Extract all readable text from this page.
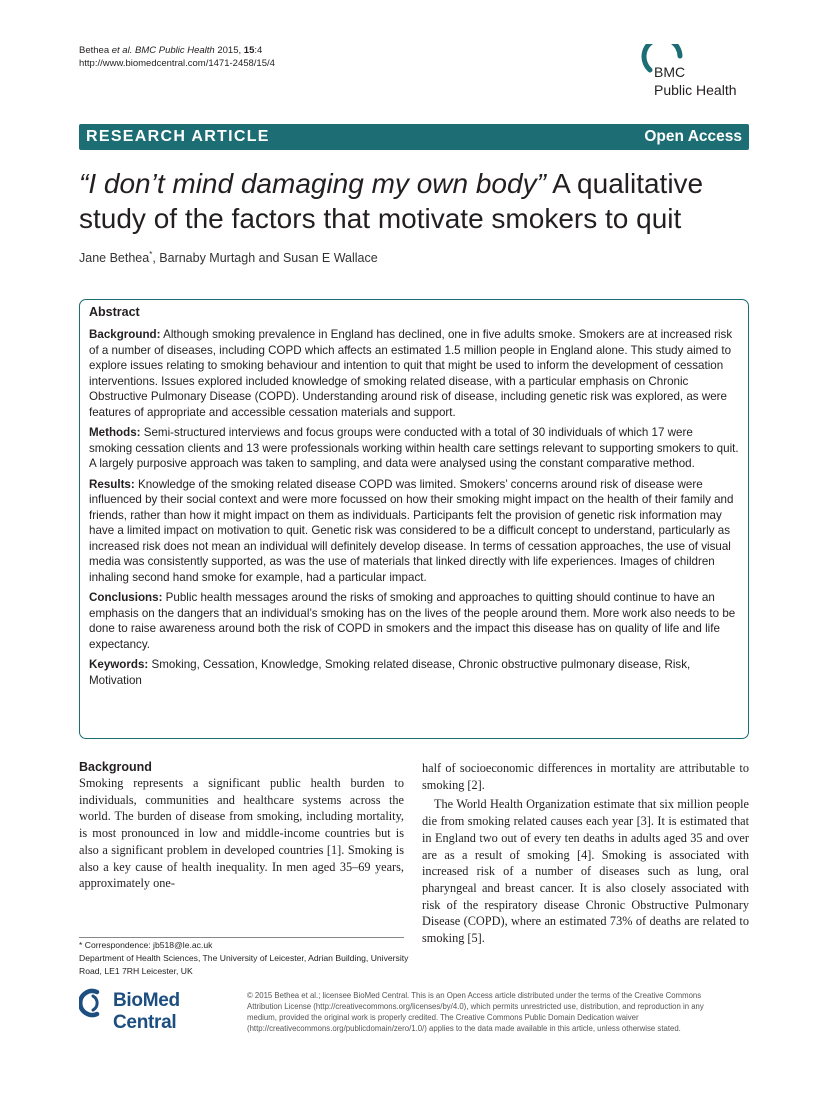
Bethea et al. BMC Public Health 2015, 15:4
http://www.biomedcentral.com/1471-2458/15/4
BMC
Public Health
RESEARCH ARTICLE	Open Access
“I don’t mind damaging my own body” A qualitative study of the factors that motivate smokers to quit
Jane Bethea*, Barnaby Murtagh and Susan E Wallace
Abstract

Background: Although smoking prevalence in England has declined, one in five adults smoke. Smokers are at increased risk of a number of diseases, including COPD which affects an estimated 1.5 million people in England alone. This study aimed to explore issues relating to smoking behaviour and intention to quit that might be used to inform the development of cessation interventions. Issues explored included knowledge of smoking related disease, with a particular emphasis on Chronic Obstructive Pulmonary Disease (COPD). Understanding around risk of disease, including genetic risk was explored, as were features of appropriate and accessible cessation materials and support.

Methods: Semi-structured interviews and focus groups were conducted with a total of 30 individuals of which 17 were smoking cessation clients and 13 were professionals working within health care settings relevant to supporting smokers to quit. A largely purposive approach was taken to sampling, and data were analysed using the constant comparative method.

Results: Knowledge of the smoking related disease COPD was limited. Smokers’ concerns around risk of disease were influenced by their social context and were more focussed on how their smoking might impact on the health of their family and friends, rather than how it might impact on them as individuals. Participants felt the provision of genetic risk information may have a limited impact on motivation to quit. Genetic risk was considered to be a difficult concept to understand, particularly as increased risk does not mean an individual will definitely develop disease. In terms of cessation approaches, the use of visual media was consistently supported, as was the use of materials that linked directly with life experiences. Images of children inhaling second hand smoke for example, had a particular impact.

Conclusions: Public health messages around the risks of smoking and approaches to quitting should continue to have an emphasis on the dangers that an individual’s smoking has on the lives of the people around them. More work also needs to be done to raise awareness around both the risk of COPD in smokers and the impact this disease has on quality of life and life expectancy.

Keywords: Smoking, Cessation, Knowledge, Smoking related disease, Chronic obstructive pulmonary disease, Risk, Motivation

Background

Smoking represents a significant public health burden to individuals, communities and healthcare systems across the world. The burden of disease from smoking, including mortality, is most pronounced in low and middle-income countries but is also a significant problem in developed countries [1]. Smoking is also a key cause of health inequality. In men aged 35–69 years, approximately one-

half of socioeconomic differences in mortality are attributable to smoking [2].

The World Health Organization estimate that six million people die from smoking related causes each year [3]. It is estimated that in England two out of every ten deaths in adults aged 35 and over are as a result of smoking [4]. Smoking is associated with increased risk of a number of diseases such as lung, oral pharyngeal and breast cancer. It is also closely associated with risk of the respiratory disease Chronic Obstructive Pulmonary Disease (COPD), where an estimated 73% of deaths are related to smoking [5].

* Correspondence: jb518@le.ac.uk

Department of Health Sciences, The University of Leicester, Adrian Building, University Road, LE1 7RH Leicester, UK

BioMed Central
© 2015 Bethea et al.; licensee BioMed Central. This is an Open Access article distributed under the terms of the Creative Commons Attribution License (http://creativecommons.org/licenses/by/4.0), which permits unrestricted use, distribution, and reproduction in any medium, provided the original work is properly credited. The Creative Commons Public Domain Dedication waiver (http://creativecommons.org/publicdomain/zero/1.0/) applies to the data made available in this article, unless otherwise stated.
